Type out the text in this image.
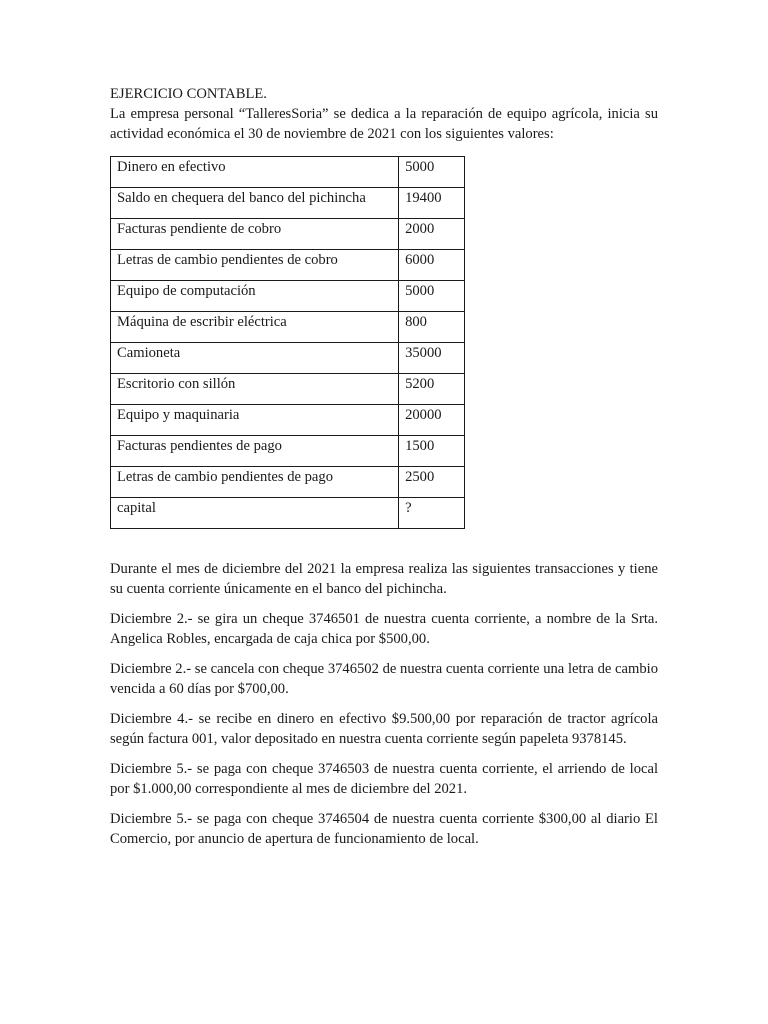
EJERCICIO CONTABLE.

La empresa personal “TalleresSoria” se dedica a la reparación de equipo agrícola, inicia su actividad económica el 30 de noviembre de 2021 con los siguientes valores:

Dinero en efectivo	5000
Saldo en chequera del banco del pichincha	19400
Facturas pendiente de cobro	2000
Letras de cambio pendientes de cobro	6000
Equipo de computación	5000
Máquina de escribir eléctrica	800
Camioneta	35000
Escritorio con sillón	5200
Equipo y maquinaria	20000
Facturas pendientes de pago	1500
Letras de cambio pendientes de pago	2500
capital	?

Durante el mes de diciembre del 2021 la empresa realiza las siguientes transacciones y tiene su cuenta corriente únicamente en el banco del pichincha.

Diciembre 2.- se gira un cheque 3746501 de nuestra cuenta corriente, a nombre de la Srta. Angelica Robles, encargada de caja chica por $500,00.

Diciembre 2.- se cancela con cheque 3746502 de nuestra cuenta corriente una letra de cambio vencida a 60 días por $700,00.

Diciembre 4.- se recibe en dinero en efectivo $9.500,00 por reparación de tractor agrícola según factura 001, valor depositado en nuestra cuenta corriente según papeleta 9378145.

Diciembre 5.- se paga con cheque 3746503 de nuestra cuenta corriente, el arriendo de local por $1.000,00 correspondiente al mes de diciembre del 2021.

Diciembre 5.- se paga con cheque 3746504 de nuestra cuenta corriente $300,00 al diario El Comercio, por anuncio de apertura de funcionamiento de local.
